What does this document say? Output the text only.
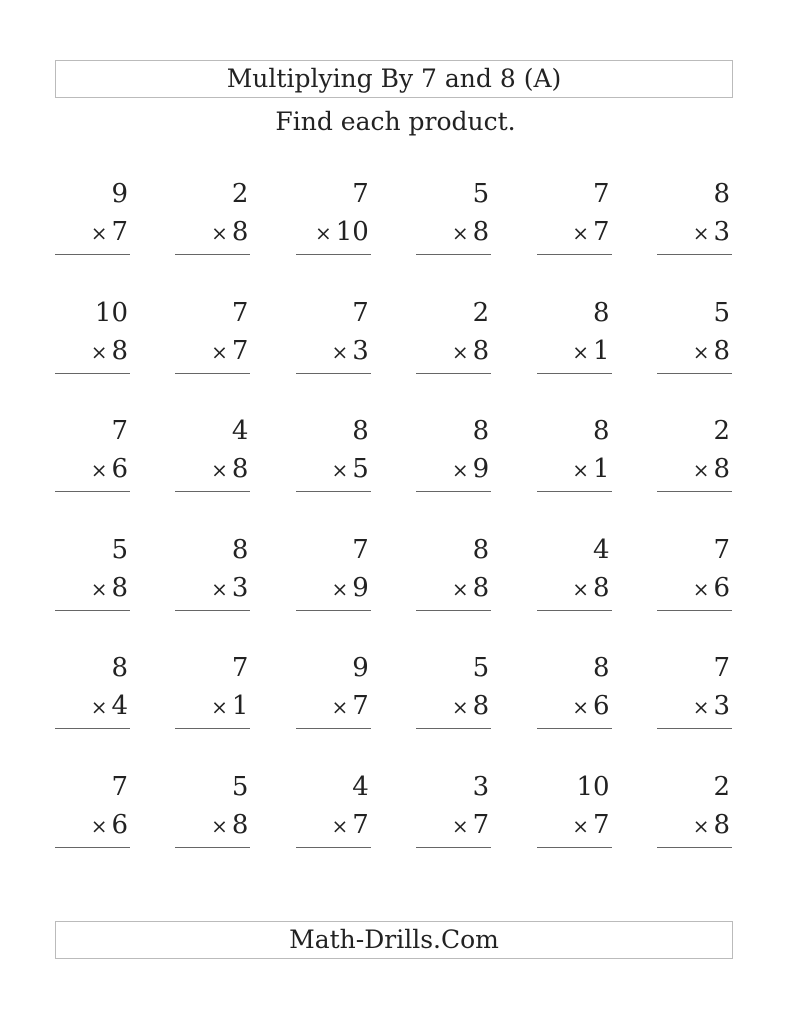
Multiplying By 7 and 8 (A)
Find each product.
9
× 7
2
× 8
7
× 10
5
× 8
7
× 7
8
× 3
10
× 8
7
× 7
7
× 3
2
× 8
8
× 1
5
× 8
7
× 6
4
× 8
8
× 5
8
× 9
8
× 1
2
× 8
5
× 8
8
× 3
7
× 9
8
× 8
4
× 8
7
× 6
8
× 4
7
× 1
9
× 7
5
× 8
8
× 6
7
× 3
7
× 6
5
× 8
4
× 7
3
× 7
10
× 7
2
× 8
Math-Drills.Com
